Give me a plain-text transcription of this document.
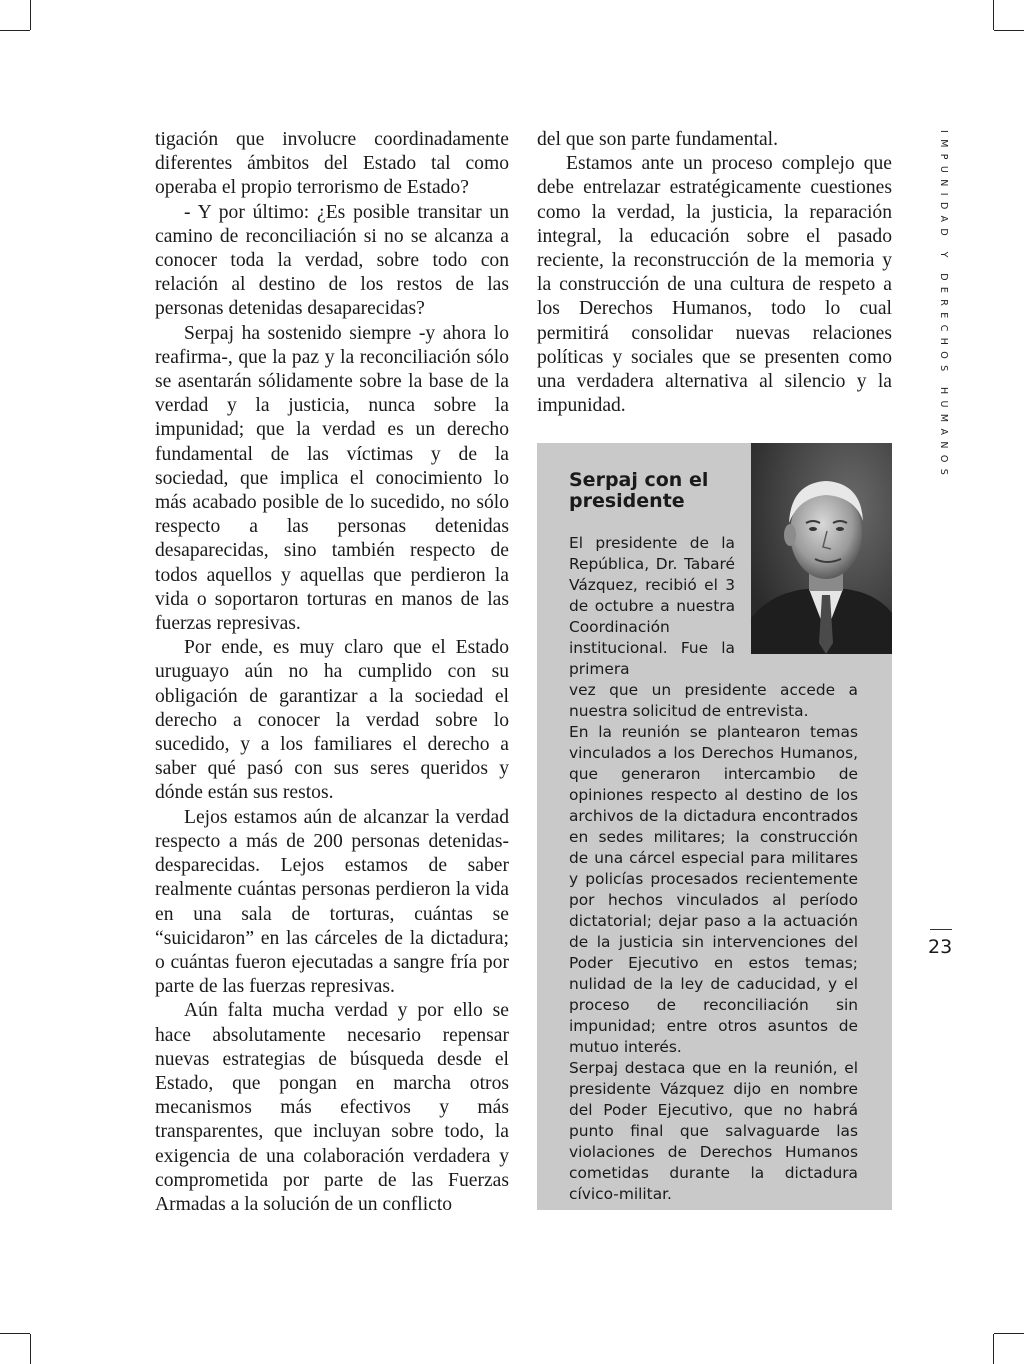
tigación que involucre coordinadamente diferentes ámbitos del Estado tal como operaba el propio terrorismo de Estado?

- Y por último: ¿Es posible transitar un camino de reconciliación si no se alcanza a conocer toda la verdad, sobre todo con relación al destino de los restos de las personas detenidas desaparecidas?

Serpaj ha sostenido siempre -y ahora lo reafirma-, que la paz y la reconciliación sólo se asentarán sólidamente sobre la base de la verdad y la justicia, nunca sobre la impunidad; que la verdad es un derecho fundamental de las víctimas y de la sociedad, que implica el conocimiento lo más acabado posible de lo sucedido, no sólo respecto a las personas detenidas desaparecidas, sino también respecto de todos aquellos y aquellas que perdieron la vida o soportaron torturas en manos de las fuerzas represivas.

Por ende, es muy claro que el Estado uruguayo aún no ha cumplido con su obligación de garantizar a la sociedad el derecho a conocer la verdad sobre lo sucedido, y a los familiares el derecho a saber qué pasó con sus seres queridos y dónde están sus restos.

Lejos estamos aún de alcanzar la verdad respecto a más de 200 personas detenidas-desparecidas. Lejos estamos de saber realmente cuántas personas perdieron la vida en una sala de torturas, cuántas se “suicidaron” en las cárceles de la dictadura; o cuántas fueron ejecutadas a sangre fría por parte de las fuerzas represivas.

Aún falta mucha verdad y por ello se hace absolutamente necesario repensar nuevas estrategias de búsqueda desde el Estado, que pongan en marcha otros mecanismos más efectivos y más transparentes, que incluyan sobre todo, la exigencia de una colaboración verdadera y comprometida por parte de las Fuerzas Armadas a la solución de un conflicto

del que son parte fundamental.

Estamos ante un proceso complejo que debe entrelazar estratégicamente cuestiones como la verdad, la justicia, la reparación integral, la educación sobre el pasado reciente, la reconstrucción de la memoria y la construcción de una cultura de respeto a los Derechos Humanos, todo lo cual permitirá consolidar nuevas relaciones políticas y sociales que se presenten como una verdadera alternativa al silencio y la impunidad.

Serpaj con el presidente

El presidente de la República, Dr. Tabaré Vázquez, recibió el 3 de octubre a nuestra Coordinación institucional. Fue la primera
vez que un presidente accede a nuestra solicitud de entrevista.

En la reunión se plantearon temas vinculados a los Derechos Humanos, que generaron intercambio de opiniones respecto al destino de los archivos de la dictadura encontrados en sedes militares; la construcción de una cárcel especial para militares y policías procesados recientemente por hechos vinculados al período dictatorial; dejar paso a la actuación de la justicia sin intervenciones del Poder Ejecutivo en estos temas; nulidad de la ley de caducidad, y el proceso de reconciliación sin impunidad; entre otros asuntos de mutuo interés.

Serpaj destaca que en la reunión, el presidente Vázquez dijo en nombre del Poder Ejecutivo, que no habrá punto final que salvaguarde las violaciones de Derechos Humanos cometidas durante la dictadura cívico-militar.

IMPUNIDAD Y DERECHOS HUMANOS
23
